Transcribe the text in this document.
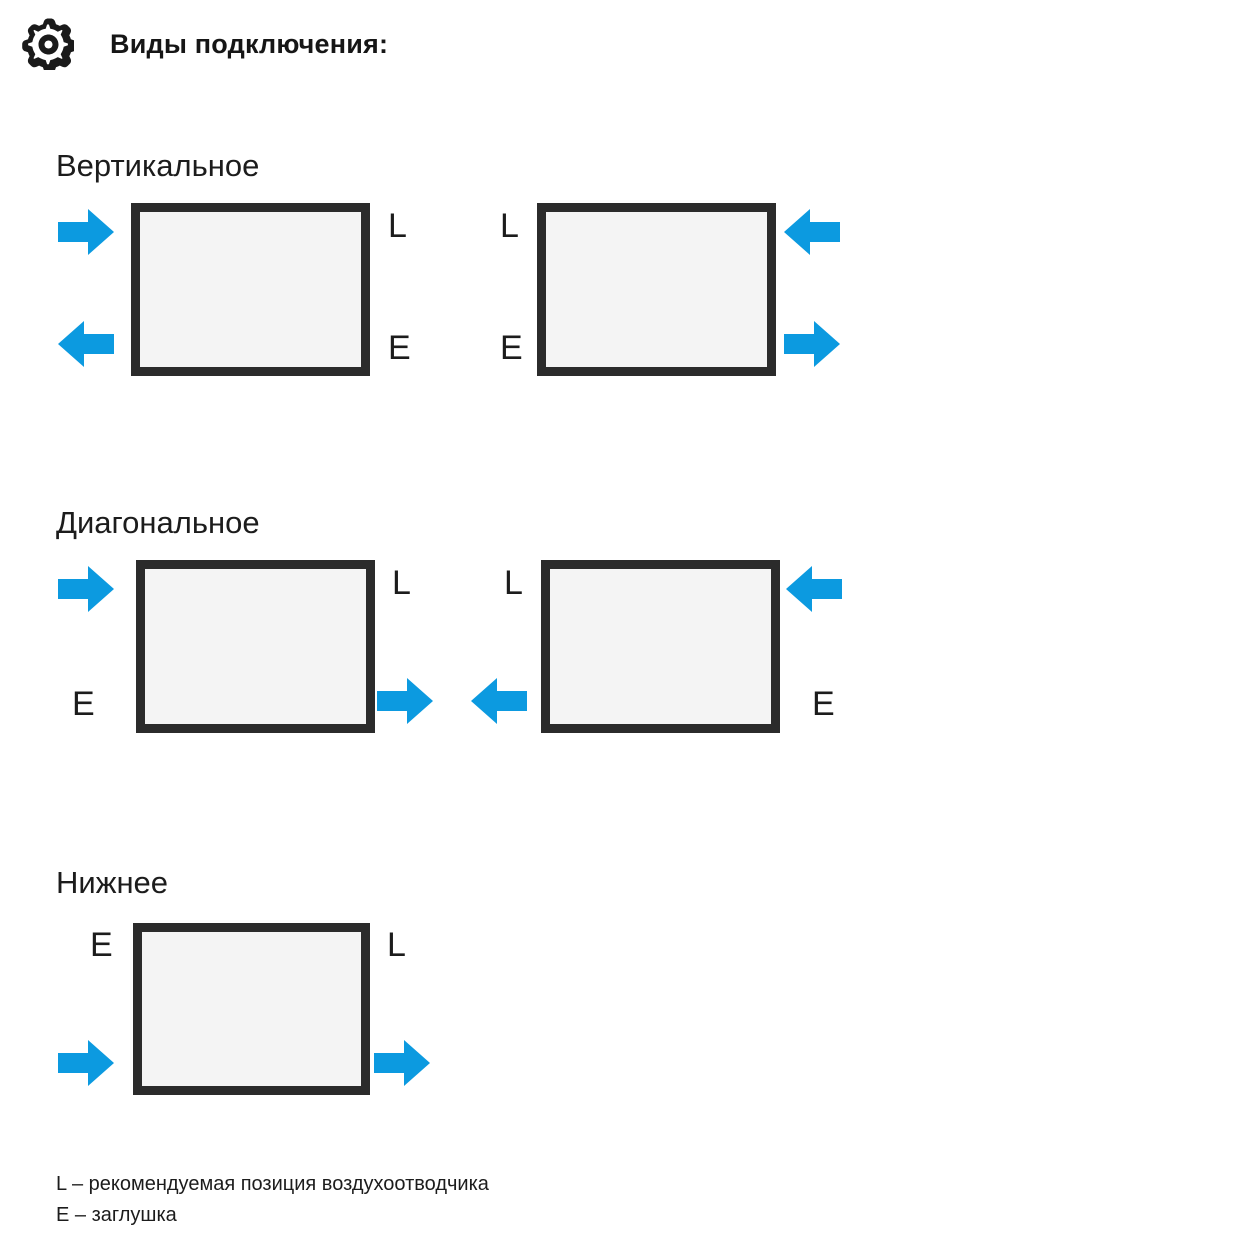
Виды подключения:
Вертикальное
L
E
L
E
Диагональное
L
E
L
E
Нижнее
E	L
L – рекомендуемая позиция воздухоотводчика
E – заглушка
